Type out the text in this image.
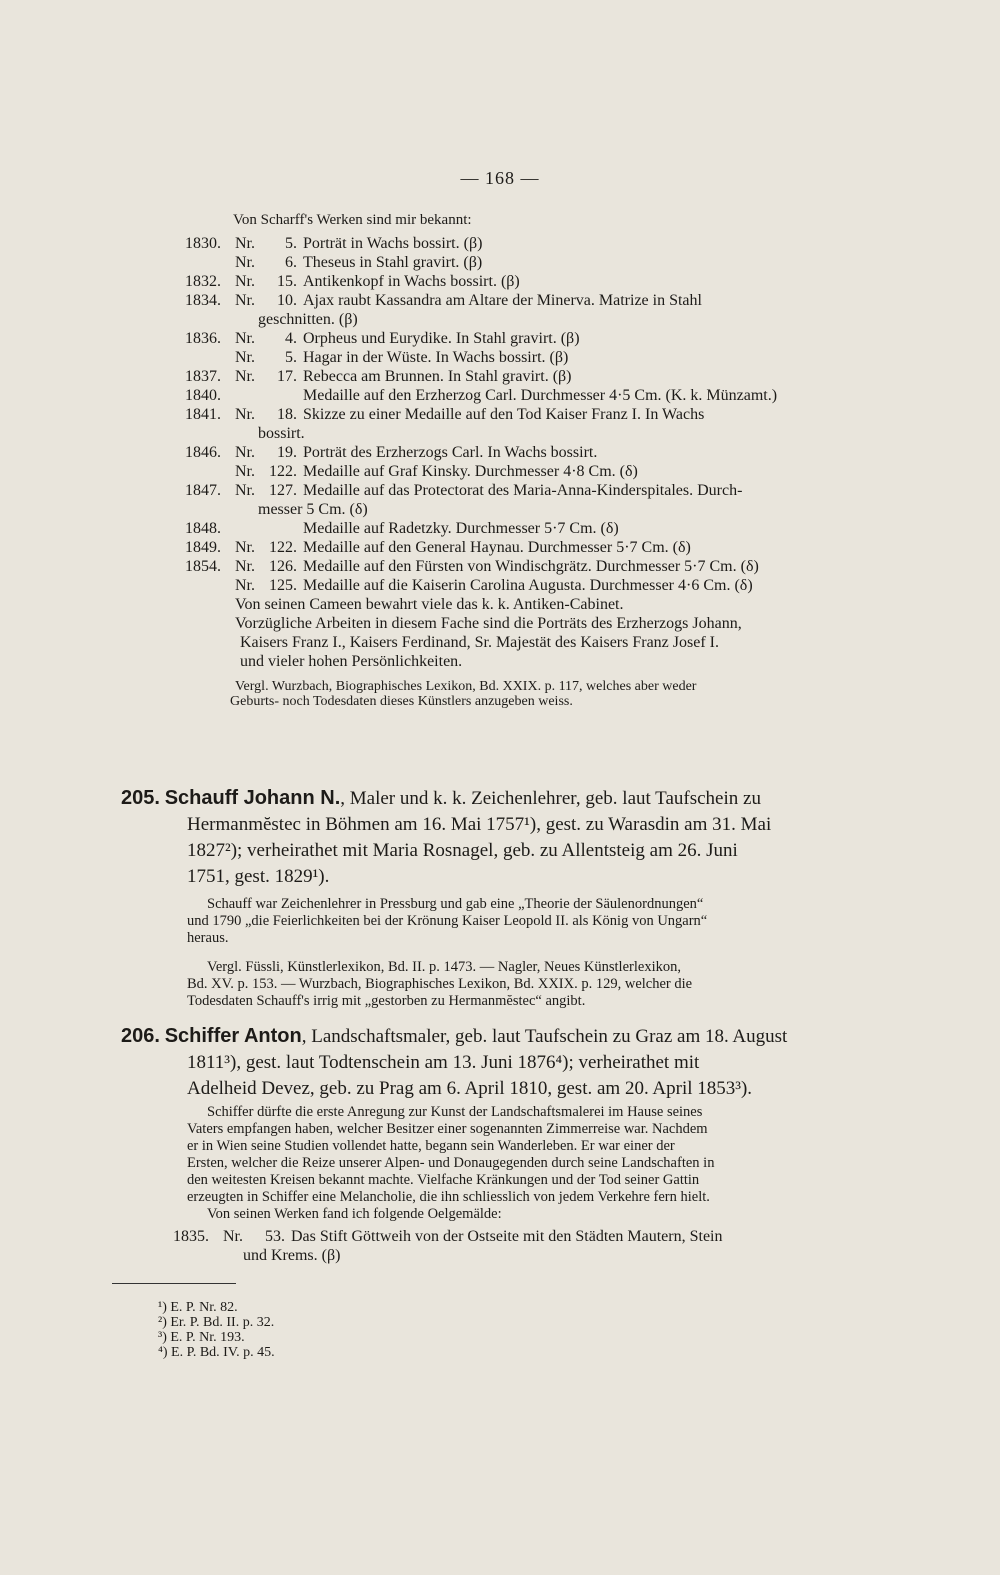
— 168 —
Von Scharff's Werken sind mir bekannt:
1830. Nr.	5. Porträt in Wachs bossirt. (β)
Nr.	6. Theseus in Stahl gravirt. (β)
1832. Nr.	15. Antikenkopf in Wachs bossirt. (β)
1834. Nr.	10. Ajax raubt Kassandra am Altare der Minerva. Matrize in Stahl
geschnitten. (β)
1836. Nr.	4. Orpheus und Eurydike. In Stahl gravirt. (β)
Nr.	5. Hagar in der Wüste. In Wachs bossirt. (β)
1837. Nr.	17. Rebecca am Brunnen. In Stahl gravirt. (β)
1840.	Medaille auf den Erzherzog Carl. Durchmesser 4·5 Cm. (K. k. Münzamt.)
1841. Nr.	18. Skizze zu einer Medaille auf den Tod Kaiser Franz I. In Wachs
bossirt.
1846. Nr.	19. Porträt des Erzherzogs Carl. In Wachs bossirt.
Nr. 122. Medaille auf Graf Kinsky. Durchmesser 4·8 Cm. (δ)
1847. Nr. 127. Medaille auf das Protectorat des Maria-Anna-Kinderspitales. Durch-
messer 5 Cm. (δ)
1848.	Medaille auf Radetzky. Durchmesser 5·7 Cm. (δ)
1849. Nr. 122. Medaille auf den General Haynau. Durchmesser 5·7 Cm. (δ)
1854. Nr. 126. Medaille auf den Fürsten von Windischgrätz. Durchmesser 5·7 Cm. (δ)
Nr. 125. Medaille auf die Kaiserin Carolina Augusta. Durchmesser 4·6 Cm. (δ)
Von seinen Cameen bewahrt viele das k. k. Antiken-Cabinet.
Vorzügliche Arbeiten in diesem Fache sind die Porträts des Erzherzogs Johann,
Kaisers Franz I., Kaisers Ferdinand, Sr. Majestät des Kaisers Franz Josef I.
und vieler hohen Persönlichkeiten.
Vergl. Wurzbach, Biographisches Lexikon, Bd. XXIX. p. 117, welches aber weder
Geburts- noch Todesdaten dieses Künstlers anzugeben weiss.
205. Schauff Johann N., Maler und k. k. Zeichenlehrer, geb. laut Taufschein zu
Hermanmĕstec in Böhmen am 16. Mai 1757¹), gest. zu Warasdin am 31. Mai
1827²); verheirathet mit Maria Rosnagel, geb. zu Allentsteig am 26. Juni
1751, gest. 1829¹).

Schauff war Zeichenlehrer in Pressburg und gab eine „Theorie der Säulenordnungen“

und 1790 „die Feierlichkeiten bei der Krönung Kaiser Leopold II. als König von Ungarn“

heraus.

Vergl. Füssli, Künstlerlexikon, Bd. II. p. 1473. — Nagler, Neues Künstlerlexikon,

Bd. XV. p. 153. — Wurzbach, Biographisches Lexikon, Bd. XXIX. p. 129, welcher die

Todesdaten Schauff's irrig mit „gestorben zu Hermanmĕstec“ angibt.

206. Schiffer Anton, Landschaftsmaler, geb. laut Taufschein zu Graz am 18. August
1811³), gest. laut Todtenschein am 13. Juni 1876⁴); verheirathet mit
Adelheid Devez, geb. zu Prag am 6. April 1810, gest. am 20. April 1853³).

Schiffer dürfte die erste Anregung zur Kunst der Landschaftsmalerei im Hause seines

Vaters empfangen haben, welcher Besitzer einer sogenannten Zimmerreise war. Nachdem

er in Wien seine Studien vollendet hatte, begann sein Wanderleben. Er war einer der

Ersten, welcher die Reize unserer Alpen- und Donaugegenden durch seine Landschaften in

den weitesten Kreisen bekannt machte. Vielfache Kränkungen und der Tod seiner Gattin

erzeugten in Schiffer eine Melancholie, die ihn schliesslich von jedem Verkehre fern hielt.

Von seinen Werken fand ich folgende Oelgemälde:

1835. Nr.	53. Das Stift Göttweih von der Ostseite mit den Städten Mautern, Stein
und Krems. (β)
¹) E. P. Nr. 82.
²) Er. P. Bd. II. p. 32.
³) E. P. Nr. 193.
⁴) E. P. Bd. IV. p. 45.
